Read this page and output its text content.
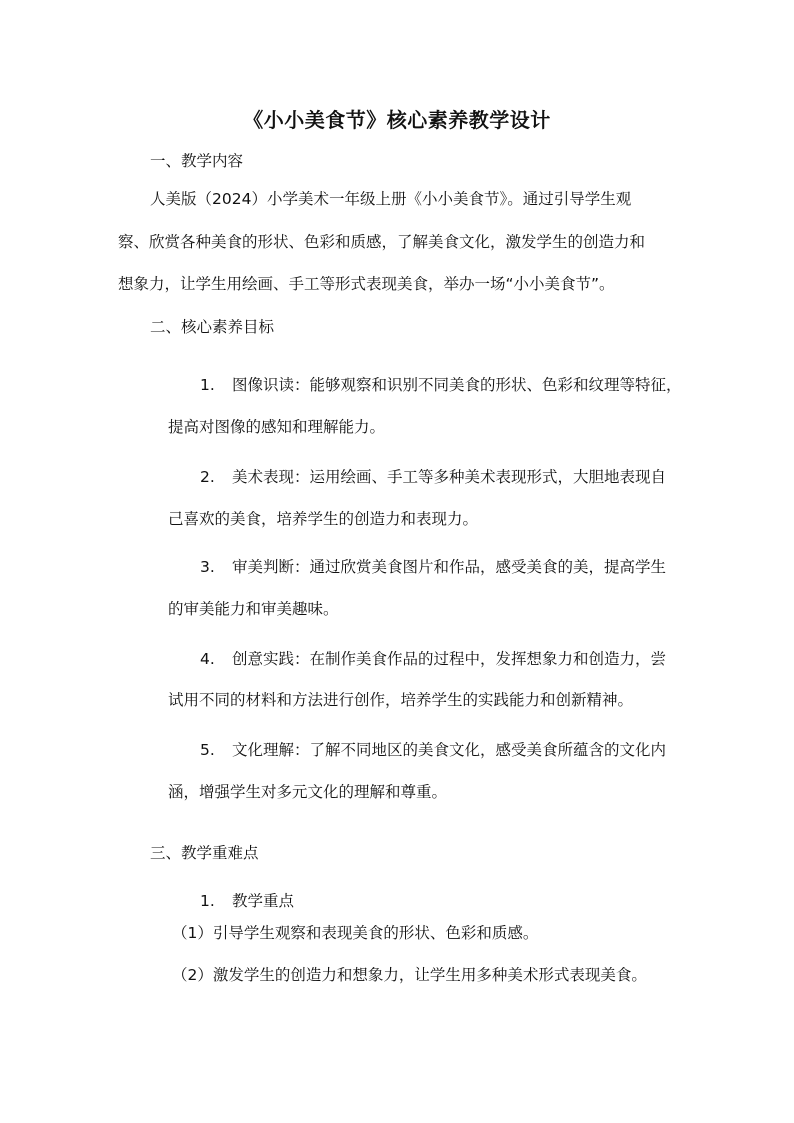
《小小美食节》核心素养教学设计
一、教学内容
人美版（2024）小学美术一年级上册《小小美食节》。通过引导学生观
察、欣赏各种美食的形状、色彩和质感，了解美食文化，激发学生的创造力和
想象力，让学生用绘画、手工等形式表现美食，举办一场“小小美食节”。
二、核心素养目标
1. 图像识读：能够观察和识别不同美食的形状、色彩和纹理等特征，
提高对图像的感知和理解能力。
2. 美术表现：运用绘画、手工等多种美术表现形式，大胆地表现自
己喜欢的美食，培养学生的创造力和表现力。
3. 审美判断：通过欣赏美食图片和作品，感受美食的美，提高学生
的审美能力和审美趣味。
4. 创意实践：在制作美食作品的过程中，发挥想象力和创造力，尝
试用不同的材料和方法进行创作，培养学生的实践能力和创新精神。
5. 文化理解：了解不同地区的美食文化，感受美食所蕴含的文化内
涵，增强学生对多元文化的理解和尊重。
三、教学重难点
1. 教学重点
（1）引导学生观察和表现美食的形状、色彩和质感。
（2）激发学生的创造力和想象力，让学生用多种美术形式表现美食。
